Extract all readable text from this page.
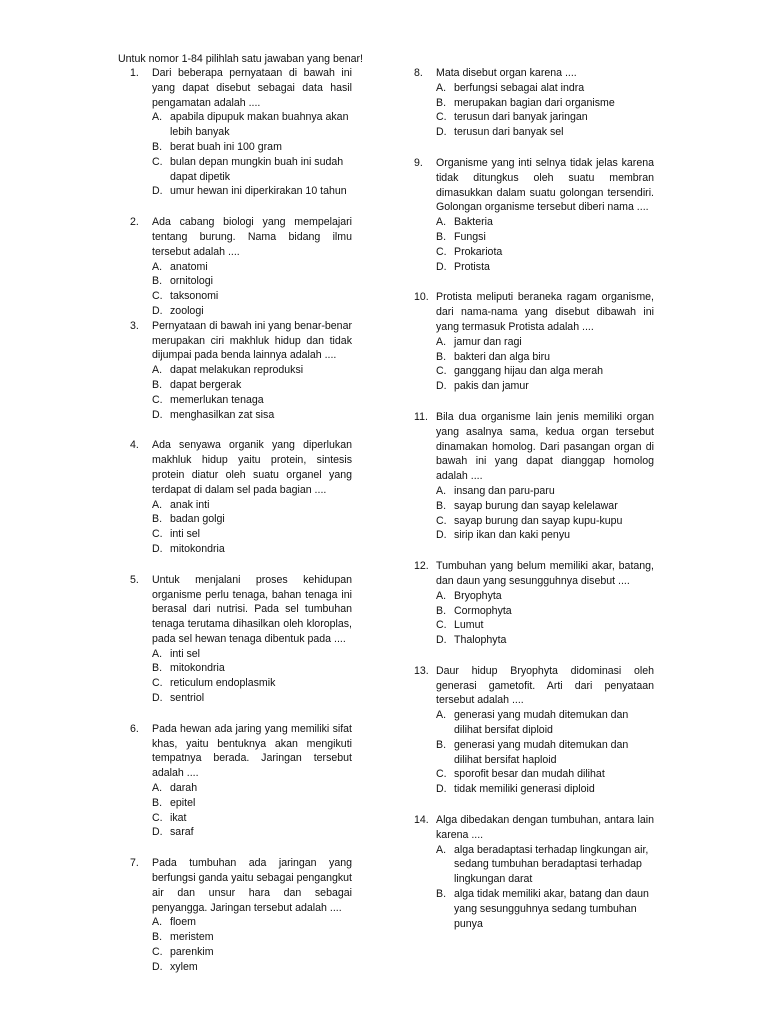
Untuk nomor 1-84 pilihlah satu jawaban yang benar!
1. Dari beberapa pernyataan di bawah ini yang dapat disebut sebagai data hasil pengamatan adalah ....

A. apabila dipupuk makan buahnya akan lebih banyak
B. berat buah ini 100 gram
C. bulan depan mungkin buah ini sudah dapat dipetik
D. umur hewan ini diperkirakan 10 tahun
2. Ada cabang biologi yang mempelajari tentang burung. Nama bidang ilmu tersebut adalah ....

A. anatomi
B. ornitologi
C. taksonomi
D. zoologi
3. Pernyataan di bawah ini yang benar-benar merupakan ciri makhluk hidup dan tidak dijumpai pada benda lainnya adalah ....

A. dapat melakukan reproduksi
B. dapat bergerak
C. memerlukan tenaga
D. menghasilkan zat sisa
4. Ada senyawa organik yang diperlukan makhluk hidup yaitu protein, sintesis protein diatur oleh suatu organel yang terdapat di dalam sel pada bagian ....

A. anak inti
B. badan golgi
C. inti sel
D. mitokondria
5. Untuk menjalani proses kehidupan organisme perlu tenaga, bahan tenaga ini berasal dari nutrisi. Pada sel tumbuhan tenaga terutama dihasilkan oleh kloroplas, pada sel hewan tenaga dibentuk pada ....

A. inti sel
B. mitokondria
C. reticulum endoplasmik
D. sentriol
6. Pada hewan ada jaring yang memiliki sifat khas, yaitu bentuknya akan mengikuti tempatnya berada. Jaringan tersebut adalah ....

A. darah
B. epitel
C. ikat
D. saraf
7. Pada tumbuhan ada jaringan yang berfungsi ganda yaitu sebagai pengangkut air dan unsur hara dan sebagai penyangga. Jaringan tersebut adalah ....

A. floem
B. meristem
C. parenkim
D. xylem
8. Mata disebut organ karena ....

A. berfungsi sebagai alat indra
B. merupakan bagian dari organisme
C. terusun dari banyak jaringan
D. terusun dari banyak sel
9. Organisme yang inti selnya tidak jelas karena tidak ditungkus oleh suatu membran dimasukkan dalam suatu golongan tersendiri. Golongan organisme tersebut diberi nama ....

A. Bakteria
B. Fungsi
C. Prokariota
D. Protista
10. Protista meliputi beraneka ragam organisme, dari nama-nama yang disebut dibawah ini yang termasuk Protista adalah ....

A. jamur dan ragi
B. bakteri dan alga biru
C. ganggang hijau dan alga merah
D. pakis dan jamur
11. Bila dua organisme lain jenis memiliki organ yang asalnya sama, kedua organ tersebut dinamakan homolog. Dari pasangan organ di bawah ini yang dapat dianggap homolog adalah ....

A. insang dan paru-paru
B. sayap burung dan sayap kelelawar
C. sayap burung dan sayap kupu-kupu
D. sirip ikan dan kaki penyu
12. Tumbuhan yang belum memiliki akar, batang, dan daun yang sesungguhnya disebut ....

A. Bryophyta
B. Cormophyta
C. Lumut
D. Thalophyta
13. Daur hidup Bryophyta didominasi oleh generasi gametofit. Arti dari penyataan tersebut adalah ....

A. generasi yang mudah ditemukan dan dilihat bersifat diploid
B. generasi yang mudah ditemukan dan dilihat bersifat haploid
C. sporofit besar dan mudah dilihat
D. tidak memiliki generasi diploid
14. Alga dibedakan dengan tumbuhan, antara lain karena ....

A. alga beradaptasi terhadap lingkungan air, sedang tumbuhan beradaptasi terhadap lingkungan darat
B. alga tidak memiliki akar, batang dan daun yang sesungguhnya sedang tumbuhan punya
